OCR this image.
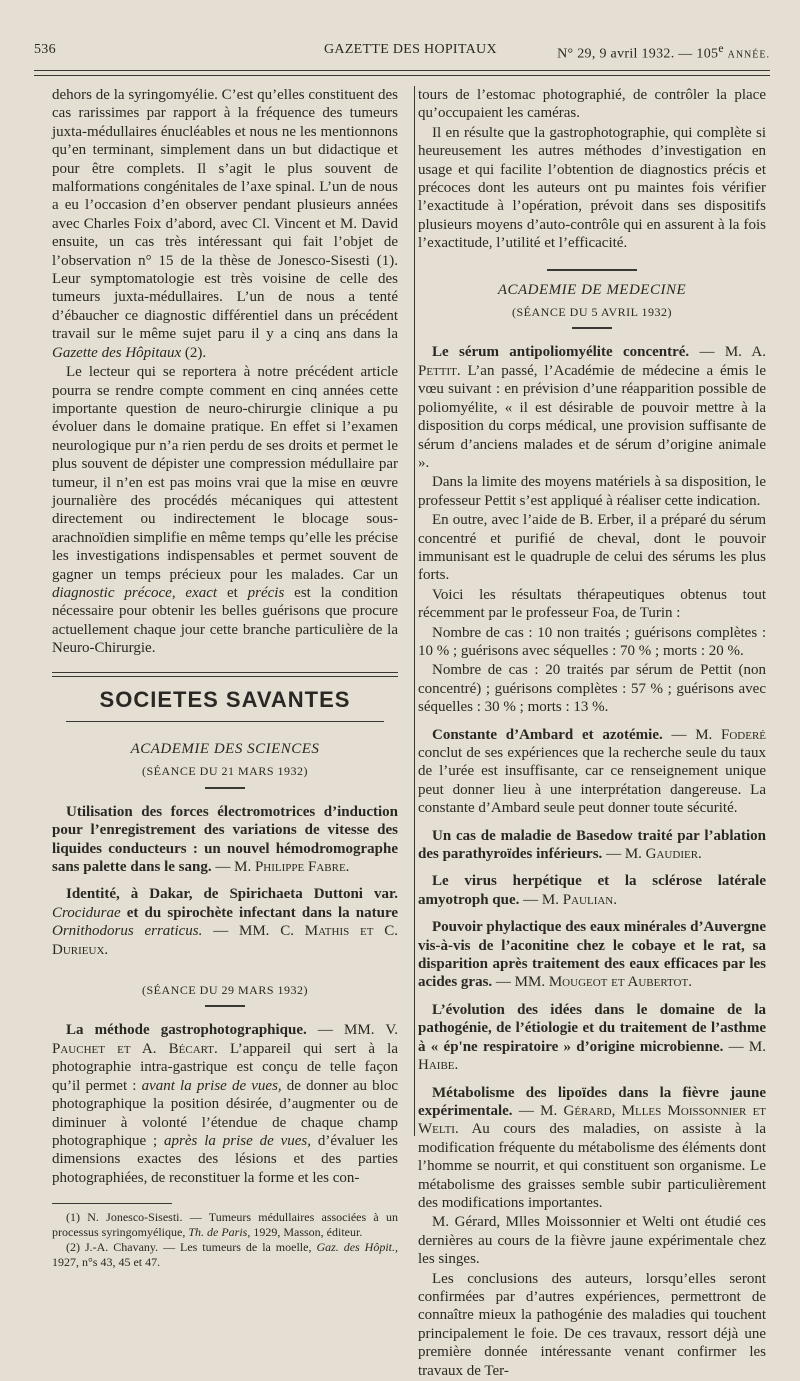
536	GAZETTE DES HOPITAUX	N° 29, 9 avril 1932. — 105e ANNÉE.

dehors de la syringomyélie. C’est qu’elles constituent des cas rarissimes par rapport à la fréquence des tumeurs juxta-médullaires énucléables et nous ne les mentionnons qu’en terminant, simplement dans un but didactique et pour être complets. Il s’agit le plus souvent de malformations congénitales de l’axe spinal. L’un de nous a eu l’occasion d’en observer pendant plusieurs années avec Charles Foix d’abord, avec Cl. Vincent et M. David ensuite, un cas très intéressant qui fait l’objet de l’observation n° 15 de la thèse de Jonesco-Sisesti (1). Leur symptomatologie est très voisine de celle des tumeurs juxta-médullaires. L’un de nous a tenté d’ébaucher ce diagnostic différentiel dans un précédent travail sur le même sujet paru il y a cinq ans dans la Gazette des Hôpitaux (2).

Le lecteur qui se reportera à notre précédent article pourra se rendre compte comment en cinq années cette importante question de neuro-chirurgie clinique a pu évoluer dans le domaine pratique. En effet si l’examen neurologique pur n’a rien perdu de ses droits et permet le plus souvent de dépister une compression médullaire par tumeur, il n’en est pas moins vrai que la mise en œuvre journalière des procédés mécaniques qui attestent directement ou indirectement le blocage sous-arachnoïdien simplifie en même temps qu’elle les précise les investigations indispensables et permet souvent de gagner un temps précieux pour les malades. Car un diagnostic précoce, exact et précis est la condition nécessaire pour obtenir les belles guérisons que procure actuellement chaque jour cette branche particulière de la Neuro-Chirurgie.

SOCIETES SAVANTES
ACADEMIE DES SCIENCES
(SÉANCE DU 21 MARS 1932)

Utilisation des forces électromotrices d’induction pour l’enregistrement des variations de vitesse des liquides conducteurs : un nouvel hémodromographe sans palette dans le sang. — M. Philippe Fabre.

Identité, à Dakar, de Spirichaeta Duttoni var. Crocidurae et du spirochète infectant dans la nature Ornithodorus erraticus. — MM. C. Mathis et C. Durieux.

(SÉANCE DU 29 MARS 1932)

La méthode gastrophotographique. — MM. V. Pauchet et A. Bécart. L’appareil qui sert à la photographie intra-gastrique est conçu de telle façon qu’il permet : avant la prise de vues, de donner au bloc photographique la position désirée, d’augmenter ou de diminuer à volonté l’étendue de chaque champ photographique ; après la prise de vues, d’évaluer les dimensions exactes des lésions et des parties photographiées, de reconstituer la forme et les con-

(1) N. Jonesco-Sisesti. — Tumeurs médullaires associées à un processus syringomyélique, Th. de Paris, 1929, Masson, éditeur.

(2) J.-A. Chavany. — Les tumeurs de la moelle, Gaz. des Hôpit., 1927, n°s 43, 45 et 47.

tours de l’estomac photographié, de contrôler la place qu’occupaient les caméras.

Il en résulte que la gastrophotographie, qui complète si heureusement les autres méthodes d’investigation en usage et qui facilite l’obtention de diagnostics précis et précoces dont les auteurs ont pu maintes fois vérifier l’exactitude à l’opération, prévoit dans ses dispositifs plusieurs moyens d’auto-contrôle qui en assurent à la fois l’exactitude, l’utilité et l’efficacité.

ACADEMIE DE MEDECINE
(SÉANCE DU 5 AVRIL 1932)

Le sérum antipoliomyélite concentré. — M. A. Pettit. L’an passé, l’Académie de médecine a émis le vœu suivant : en prévision d’une réapparition possible de poliomyélite, « il est désirable de pouvoir mettre à la disposition du corps médical, une provision suffisante de sérum d’anciens malades et de sérum d’origine animale ».

Dans la limite des moyens matériels à sa disposition, le professeur Pettit s’est appliqué à réaliser cette indication.

En outre, avec l’aide de B. Erber, il a préparé du sérum concentré et purifié de cheval, dont le pouvoir immunisant est le quadruple de celui des sérums les plus forts.

Voici les résultats thérapeutiques obtenus tout récemment par le professeur Foa, de Turin :

Nombre de cas : 10 non traités ; guérisons complètes : 10 % ; guérisons avec séquelles : 70 % ; morts : 20 %.

Nombre de cas : 20 traités par sérum de Pettit (non concentré) ; guérisons complètes : 57 % ; guérisons avec séquelles : 30 % ; morts : 13 %.

Constante d’Ambard et azotémie. — M. Foderé conclut de ses expériences que la recherche seule du taux de l’urée est insuffisante, car ce renseignement unique peut donner lieu à une interprétation dangereuse. La constante d’Ambard seule peut donner toute sécurité.

Un cas de maladie de Basedow traité par l’ablation des parathyroïdes inférieurs. — M. Gaudier.

Le virus herpétique et la sclérose latérale amyotroph que. — M. Paulian.

Pouvoir phylactique des eaux minérales d’Auvergne vis-à-vis de l’aconitine chez le cobaye et le rat, sa disparition après traitement des eaux efficaces par les acides gras. — MM. Mougeot et Aubertot.

L’évolution des idées dans le domaine de la pathogénie, de l’étiologie et du traitement de l’asthme à « ép'ne respiratoire » d’origine microbienne. — M. Haibe.

Métabolisme des lipoïdes dans la fièvre jaune expérimentale. — M. Gérard, Mlles Moissonnier et Welti. Au cours des maladies, on assiste à la modification fréquente du métabolisme des éléments dont l’homme se nourrit, et qui constituent son organisme. Le métabolisme des graisses semble subir particulièrement des modifications importantes.

M. Gérard, Mlles Moissonnier et Welti ont étudié ces dernières au cours de la fièvre jaune expérimentale chez les singes.

Les conclusions des auteurs, lorsqu’elles seront confirmées par d’autres expériences, permettront de connaître mieux la pathogénie des maladies qui touchent principalement le foie. De ces travaux, ressort déjà une première donnée intéressante venant confirmer les travaux de Ter-
